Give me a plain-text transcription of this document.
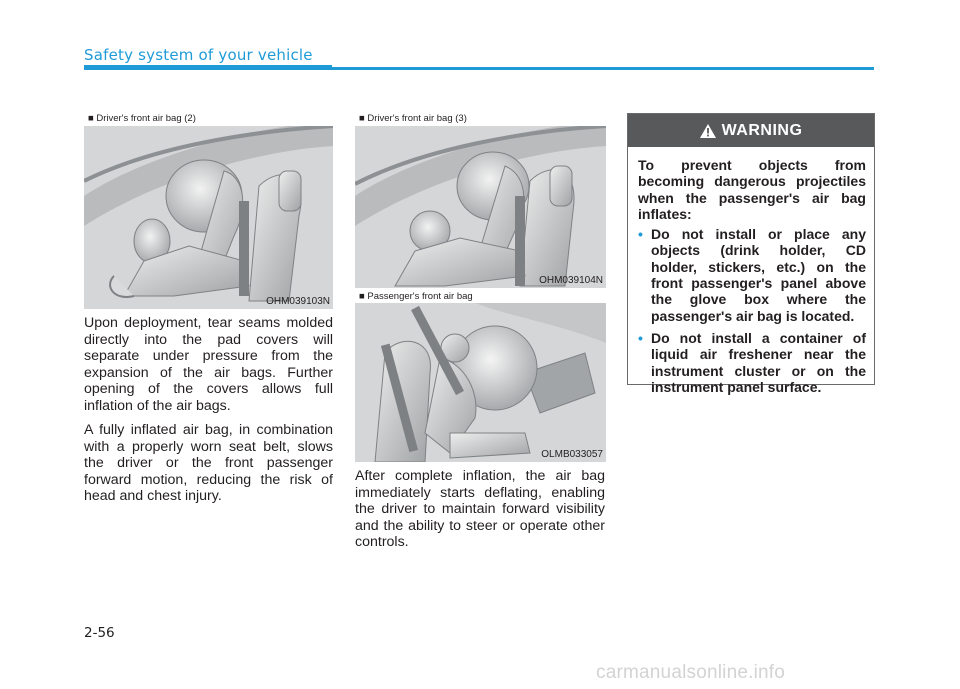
Safety system of your vehicle
■ Driver's front air bag (2)
OHM039103N

Upon deployment, tear seams molded directly into the pad covers will separate under pressure from the expansion of the air bags. Further opening of the covers allows full inflation of the air bags.

A fully inflated air bag, in combination with a properly worn seat belt, slows the driver or the front passenger forward motion, reducing the risk of head and chest injury.

■ Driver's front air bag (3)
OHM039104N
■ Passenger's front air bag
OLMB033057

After complete inflation, the air bag immediately starts deflating, enabling the driver to maintain forward visibility and the ability to steer or operate other controls.

WARNING

To prevent objects from becoming dangerous projectiles when the passenger's air bag inflates:

• Do not install or place any objects (drink holder, CD holder, stickers, etc.) on the front passenger's panel above the glove box where the passenger's air bag is located.
• Do not install a container of liquid air freshener near the instrument cluster or on the instrument panel surface.
2-56
carmanualsonline.info
